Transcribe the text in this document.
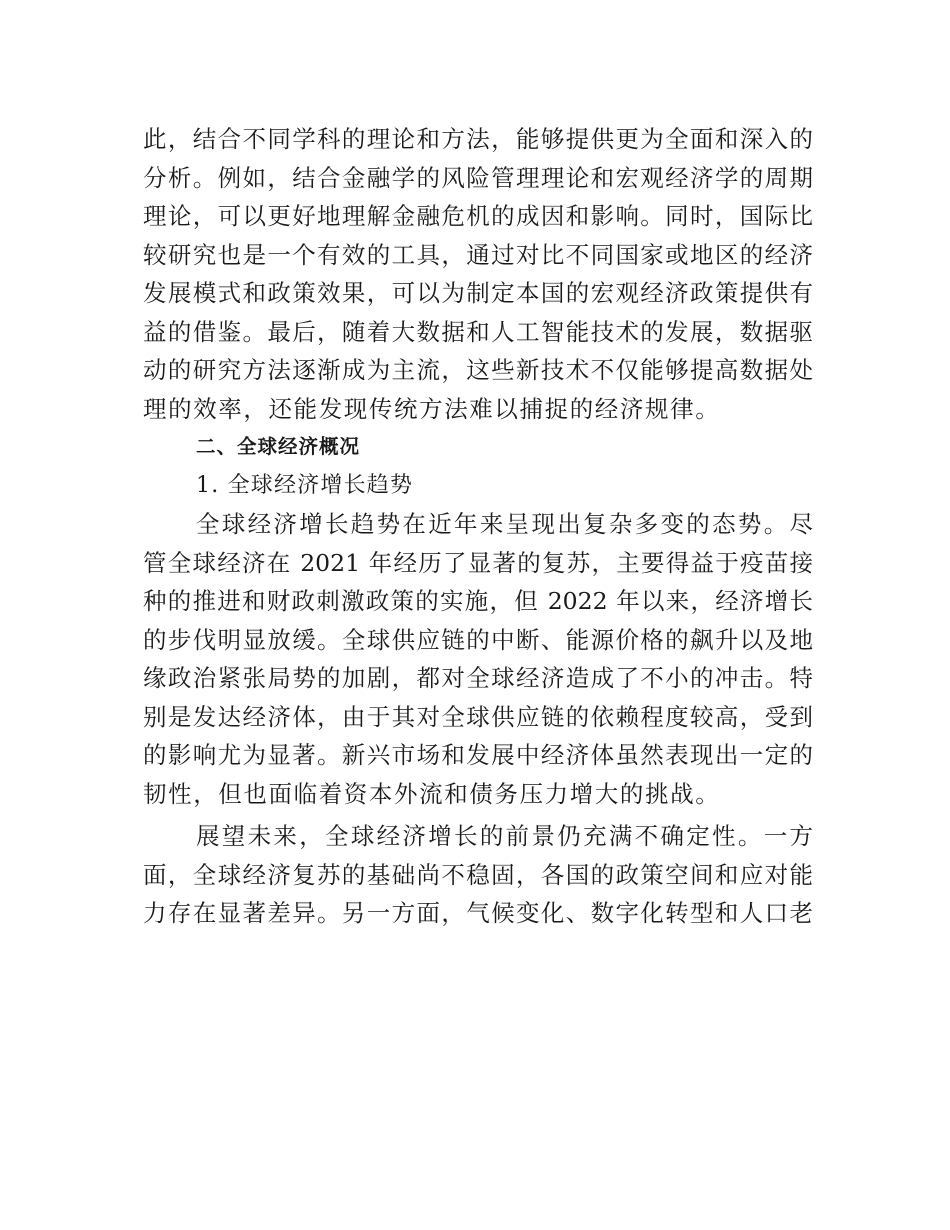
此，结合不同学科的理论和方法，能够提供更为全面和深入的
分析。例如，结合金融学的风险管理理论和宏观经济学的周期
理论，可以更好地理解金融危机的成因和影响。同时，国际比
较研究也是一个有效的工具，通过对比不同国家或地区的经济
发展模式和政策效果，可以为制定本国的宏观经济政策提供有
益的借鉴。最后，随着大数据和人工智能技术的发展，数据驱
动的研究方法逐渐成为主流，这些新技术不仅能够提高数据处
理的效率，还能发现传统方法难以捕捉的经济规律。
二、全球经济概况
1. 全球经济增长趋势
全球经济增长趋势在近年来呈现出复杂多变的态势。尽
管全球经济在 2021 年经历了显著的复苏，主要得益于疫苗接
种的推进和财政刺激政策的实施，但 2022 年以来，经济增长
的步伐明显放缓。全球供应链的中断、能源价格的飙升以及地
缘政治紧张局势的加剧，都对全球经济造成了不小的冲击。特
别是发达经济体，由于其对全球供应链的依赖程度较高，受到
的影响尤为显著。新兴市场和发展中经济体虽然表现出一定的
韧性，但也面临着资本外流和债务压力增大的挑战。
展望未来，全球经济增长的前景仍充满不确定性。一方
面，全球经济复苏的基础尚不稳固，各国的政策空间和应对能
力存在显著差异。另一方面，气候变化、数字化转型和人口老
